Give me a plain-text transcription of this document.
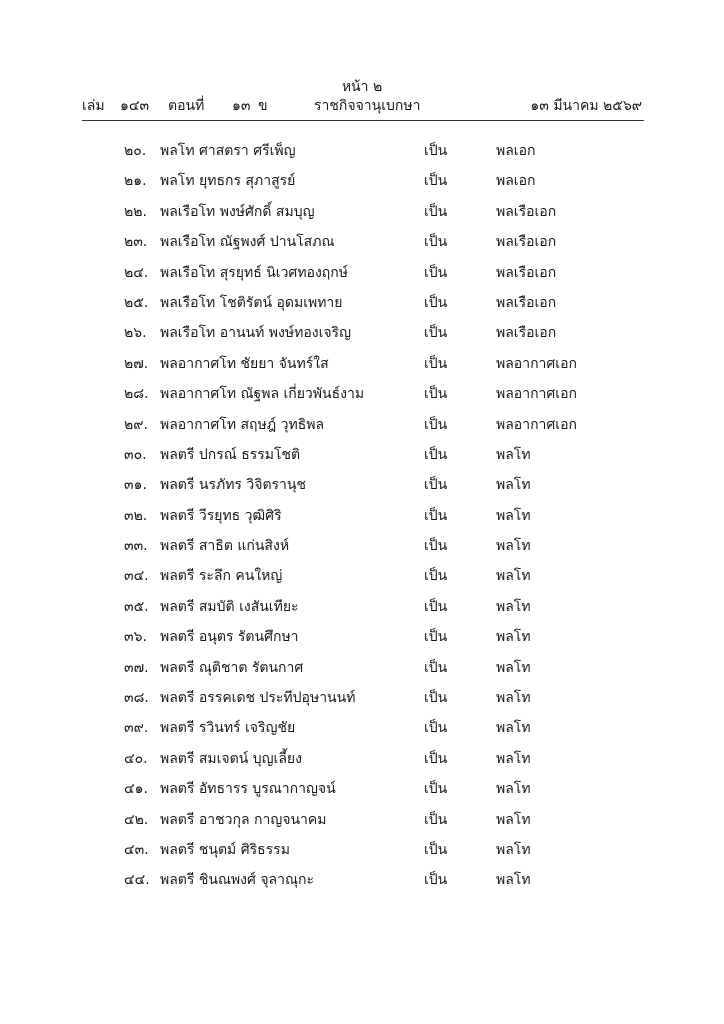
หน้า ๒
เล่ม ๑๔๓ ตอนที่ ๑๓ ข	ราชกิจจานุเบกษา	๑๓ มีนาคม ๒๕๖๙
๒๐. พลโท ศาสตรา ศรีเพ็ญ	เป็น	พลเอก
๒๑. พลโท ยุทธกร สุภาสูรย์	เป็น	พลเอก
๒๒. พลเรือโท พงษ์ศักดิ์ สมบุญ	เป็น	พลเรือเอก
๒๓. พลเรือโท ณัฐพงศ์ ปานโสภณ	เป็น	พลเรือเอก
๒๔. พลเรือโท สุรยุทธ์ นิเวศทองฤกษ์	เป็น	พลเรือเอก
๒๕. พลเรือโท โชติรัตน์ อุดมเพทาย	เป็น	พลเรือเอก
๒๖. พลเรือโท อานนท์ พงษ์ทองเจริญ	เป็น	พลเรือเอก
๒๗. พลอากาศโท ชัยยา จันทร์ใส	เป็น	พลอากาศเอก
๒๘. พลอากาศโท ณัฐพล เกี่ยวพันธ์งาม	เป็น	พลอากาศเอก
๒๙. พลอากาศโท สฤษฎ์ วุทธิพล	เป็น	พลอากาศเอก
๓๐. พลตรี ปกรณ์ ธรรมโชติ	เป็น	พลโท
๓๑. พลตรี นรภัทร วิจิตรานุช	เป็น	พลโท
๓๒. พลตรี วีรยุทธ วุฒิศิริ	เป็น	พลโท
๓๓. พลตรี สาธิต แก่นสิงห์	เป็น	พลโท
๓๔. พลตรี ระลึก คนใหญ่	เป็น	พลโท
๓๕. พลตรี สมบัติ เงสันเทียะ	เป็น	พลโท
๓๖. พลตรี อนุตร รัตนศึกษา	เป็น	พลโท
๓๗. พลตรี ณุติชาต รัตนกาศ	เป็น	พลโท
๓๘. พลตรี อรรคเดช ประทีปอุษานนท์	เป็น	พลโท
๓๙. พลตรี รวินทร์ เจริญชัย	เป็น	พลโท
๔๐. พลตรี สมเจตน์ บุญเลี้ยง	เป็น	พลโท
๔๑. พลตรี อัทธารร บูรณากาญจน์	เป็น	พลโท
๔๒. พลตรี อาชวกุล กาญจนาคม	เป็น	พลโท
๔๓. พลตรี ชนุตม์ ศิริธรรม	เป็น	พลโท
๔๔. พลตรี ชินณพงศ์ จุลาณุกะ	เป็น	พลโท
